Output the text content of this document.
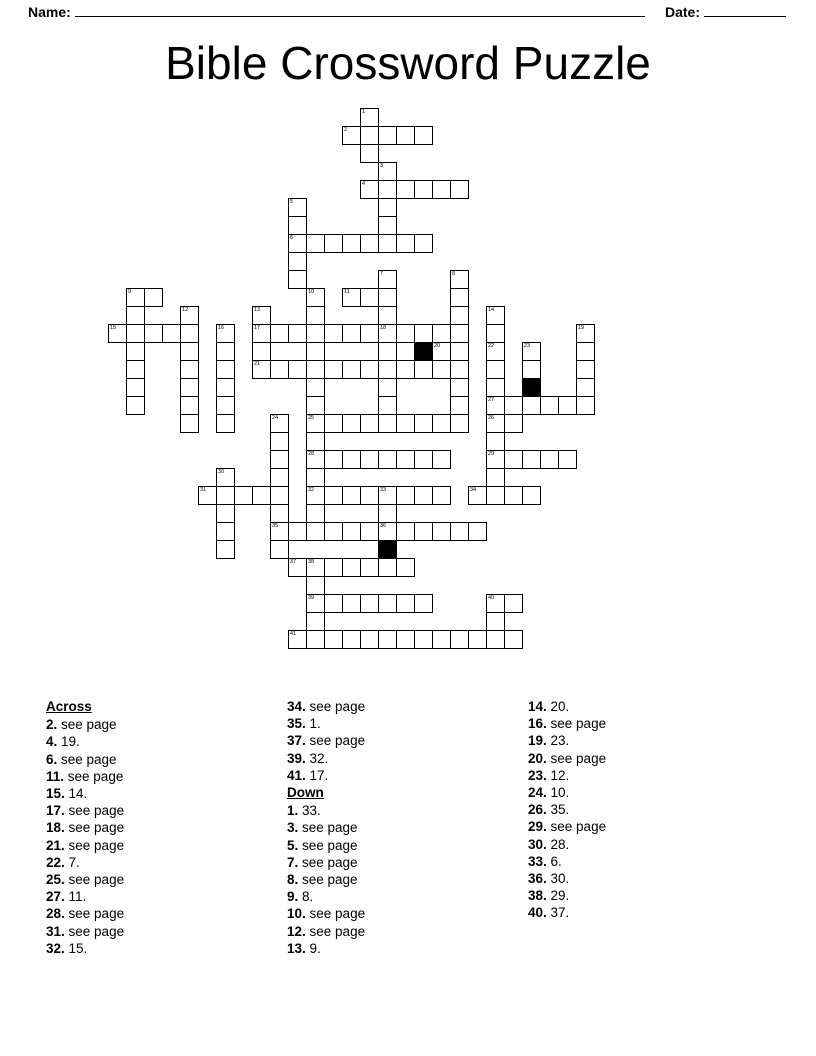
Name:	Date:
Bible Crossword Puzzle
1
2
3
4
5
6
7	8
9	10	11
12	13	14
15	16	17	18	19
20	22	23
21
27
24	25	26
28	29
30
31	32	33	34
35	36
37 38
39	40
41
Across
2. see page
4. 19.
6. see page
11. see page
15. 14.
17. see page
18. see page
21. see page
22. 7.
25. see page
27. 11.
28. see page
31. see page
32. 15.
34. see page
35. 1.
37. see page
39. 32.
41. 17.
Down
1. 33.
3. see page
5. see page
7. see page
8. see page
9. 8.
10. see page
12. see page
13. 9.
14. 20.
16. see page
19. 23.
20. see page
23. 12.
24. 10.
26. 35.
29. see page
30. 28.
33. 6.
36. 30.
38. 29.
40. 37.
